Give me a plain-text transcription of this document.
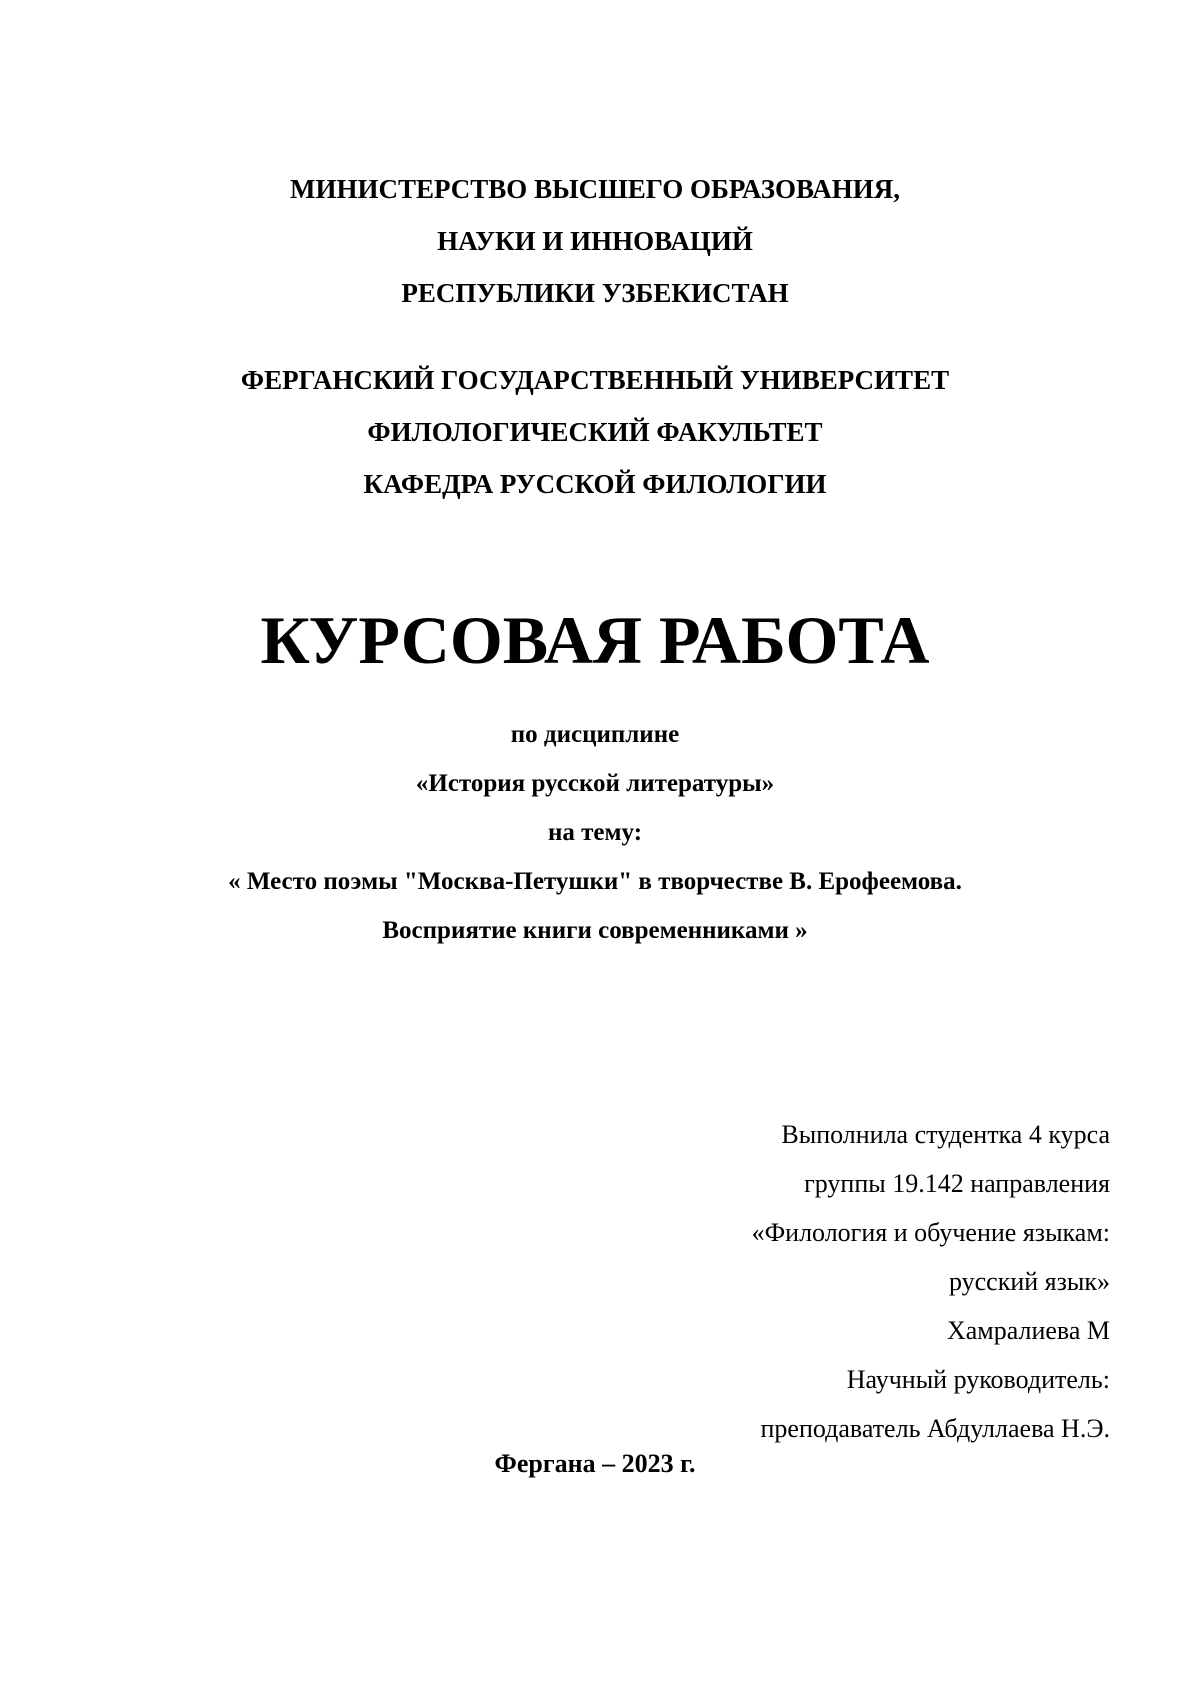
МИНИСТЕРСТВО ВЫСШЕГО ОБРАЗОВАНИЯ,

НАУКИ И ИННОВАЦИЙ

РЕСПУБЛИКИ УЗБЕКИСТАН

ФЕРГАНСКИЙ ГОСУДАРСТВЕННЫЙ УНИВЕРСИТЕТ

ФИЛОЛОГИЧЕСКИЙ ФАКУЛЬТЕТ

КАФЕДРА РУССКОЙ ФИЛОЛОГИИ

КУРСОВАЯ РАБОТА

по дисциплине

«История русской литературы»

на тему:

« Место поэмы "Москва-Петушки" в творчестве В. Ерофеемова.

Восприятие книги современниками »

Выполнила студентка 4 курса

группы 19.142 направления

«Филология и обучение языкам:

русский язык»

Хамралиева М

Научный руководитель:

преподаватель Абдуллаева Н.Э.

Фергана – 2023 г.
